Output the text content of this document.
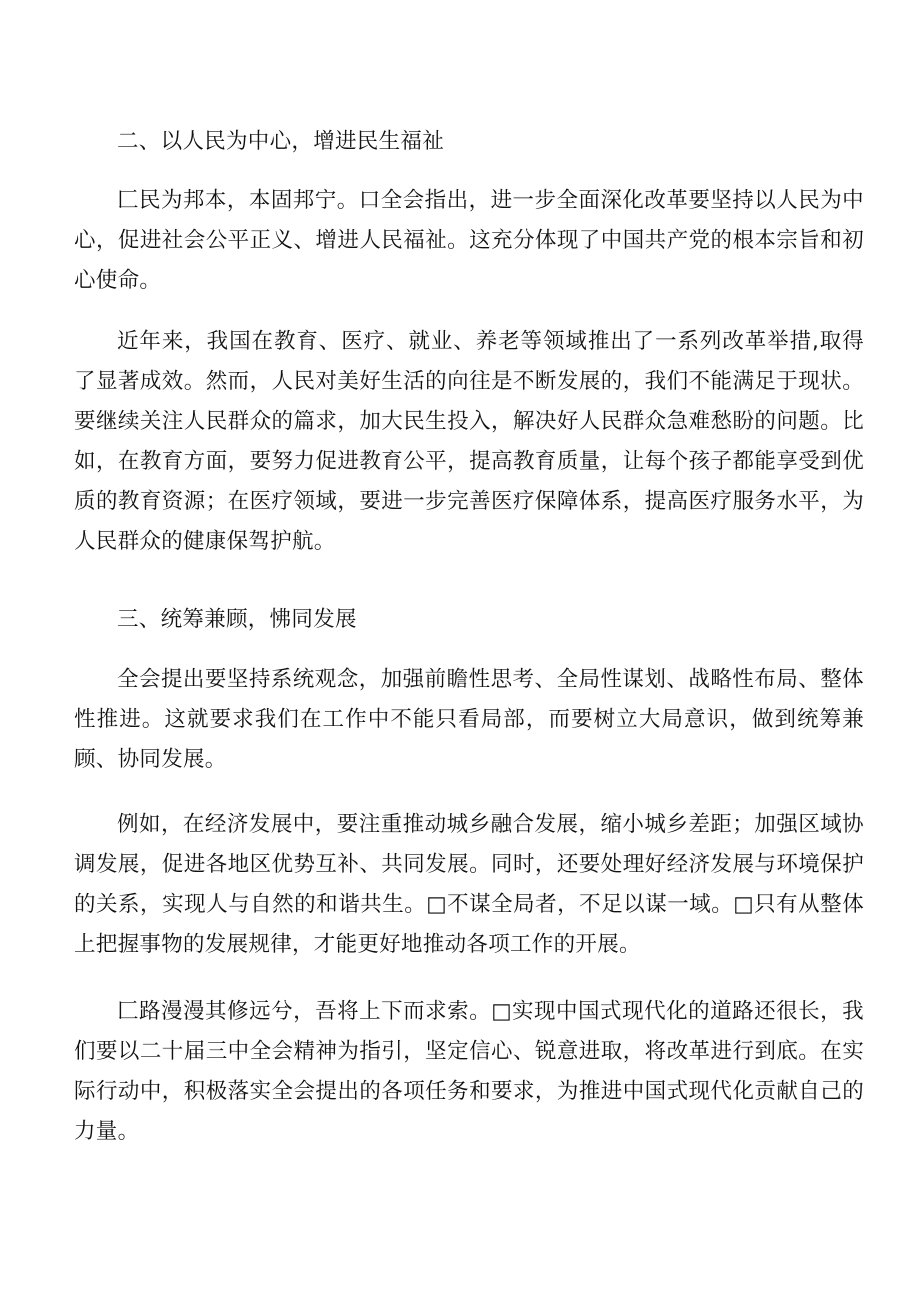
二、以人民为中心，增进民生福祉

匚民为邦本，本固邦宁。口全会指出，进一步全面深化改革要坚持以人民为中心，促进社会公平正义、增进人民福祉。这充分体现了中国共产党的根本宗旨和初心使命。

近年来，我国在教育、医疗、就业、养老等领域推出了一系列改革举措,取得了显著成效。然而，人民对美好生活的向往是不断发展的，我们不能满足于现状。要继续关注人民群众的篇求，加大民生投入，解决好人民群众急难愁盼的问题。比如，在教育方面，要努力促进教育公平，提高教育质量，让每个孩子都能享受到优质的教育资源；在医疗领域，要进一步完善医疗保障体系，提高医疗服务水平，为人民群众的健康保驾护航。

三、统筹兼顾，怫同发展

全会提出要坚持系统观念，加强前瞻性思考、全局性谋划、战略性布局、整体性推进。这就要求我们在工作中不能只看局部，而要树立大局意识，做到统筹兼顾、协同发展。

例如，在经济发展中，要注重推动城乡融合发展，缩小城乡差距；加强区域协调发展，促进各地区优势互补、共同发展。同时，还要处理好经济发展与环境保护的关系，实现人与自然的和谐共生。□不谋全局者，不足以谋一域。□只有从整体上把握事物的发展规律，才能更好地推动各项工作的开展。

匚路漫漫其修远兮，吾将上下而求索。□实现中国式现代化的道路还很长，我们要以二十届三中全会精神为指引，坚定信心、锐意进取，将改革进行到底。在实际行动中，积极落实全会提出的各项任务和要求，为推进中国式现代化贡献自己的力量。
